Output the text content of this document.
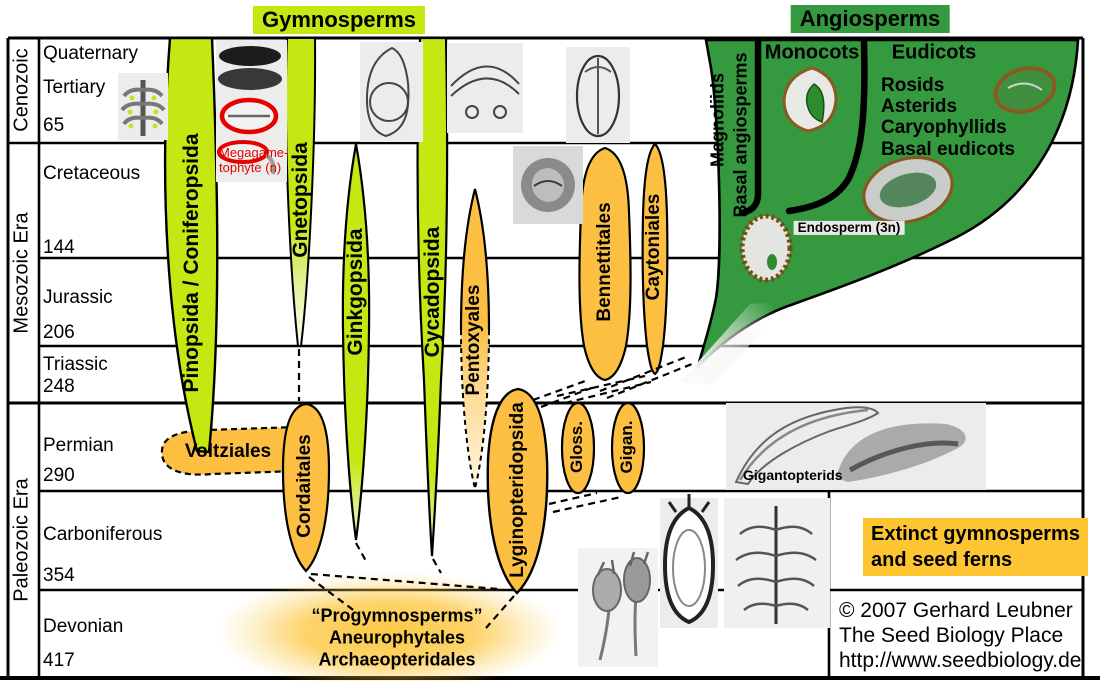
Gymnosperms	Angiosperms
Cenozoic
Mesozoic Era
Paleozoic Era
Quaternary
Tertiary
65
Cretaceous
144
Jurassic
206
Triassic
248
Permian
290
Carboniferous
354
Devonian
417
Pinopsida / Coniferopsida	Gnetopsida
Ginkgopsida	Cycadopsida
Voltziales Cordaitales
Pentoxyales
Lyginopteridopsida
Bennettitales Caytoniales
Gloss. Gigan.
Magnoliids Basal angiosperms Monocots Eudicots
Rosids
Asterids
Caryophyllids
Basal eudicots
Megagame-
tophyte (n)
Endosperm (3n)
Gigantopterids
Extinct gymnosperms
and seed ferns
“Progymnosperms”
Aneurophytales
Archaeopteridales
© 2007 Gerhard Leubner
The Seed Biology Place
http://www.seedbiology.de
